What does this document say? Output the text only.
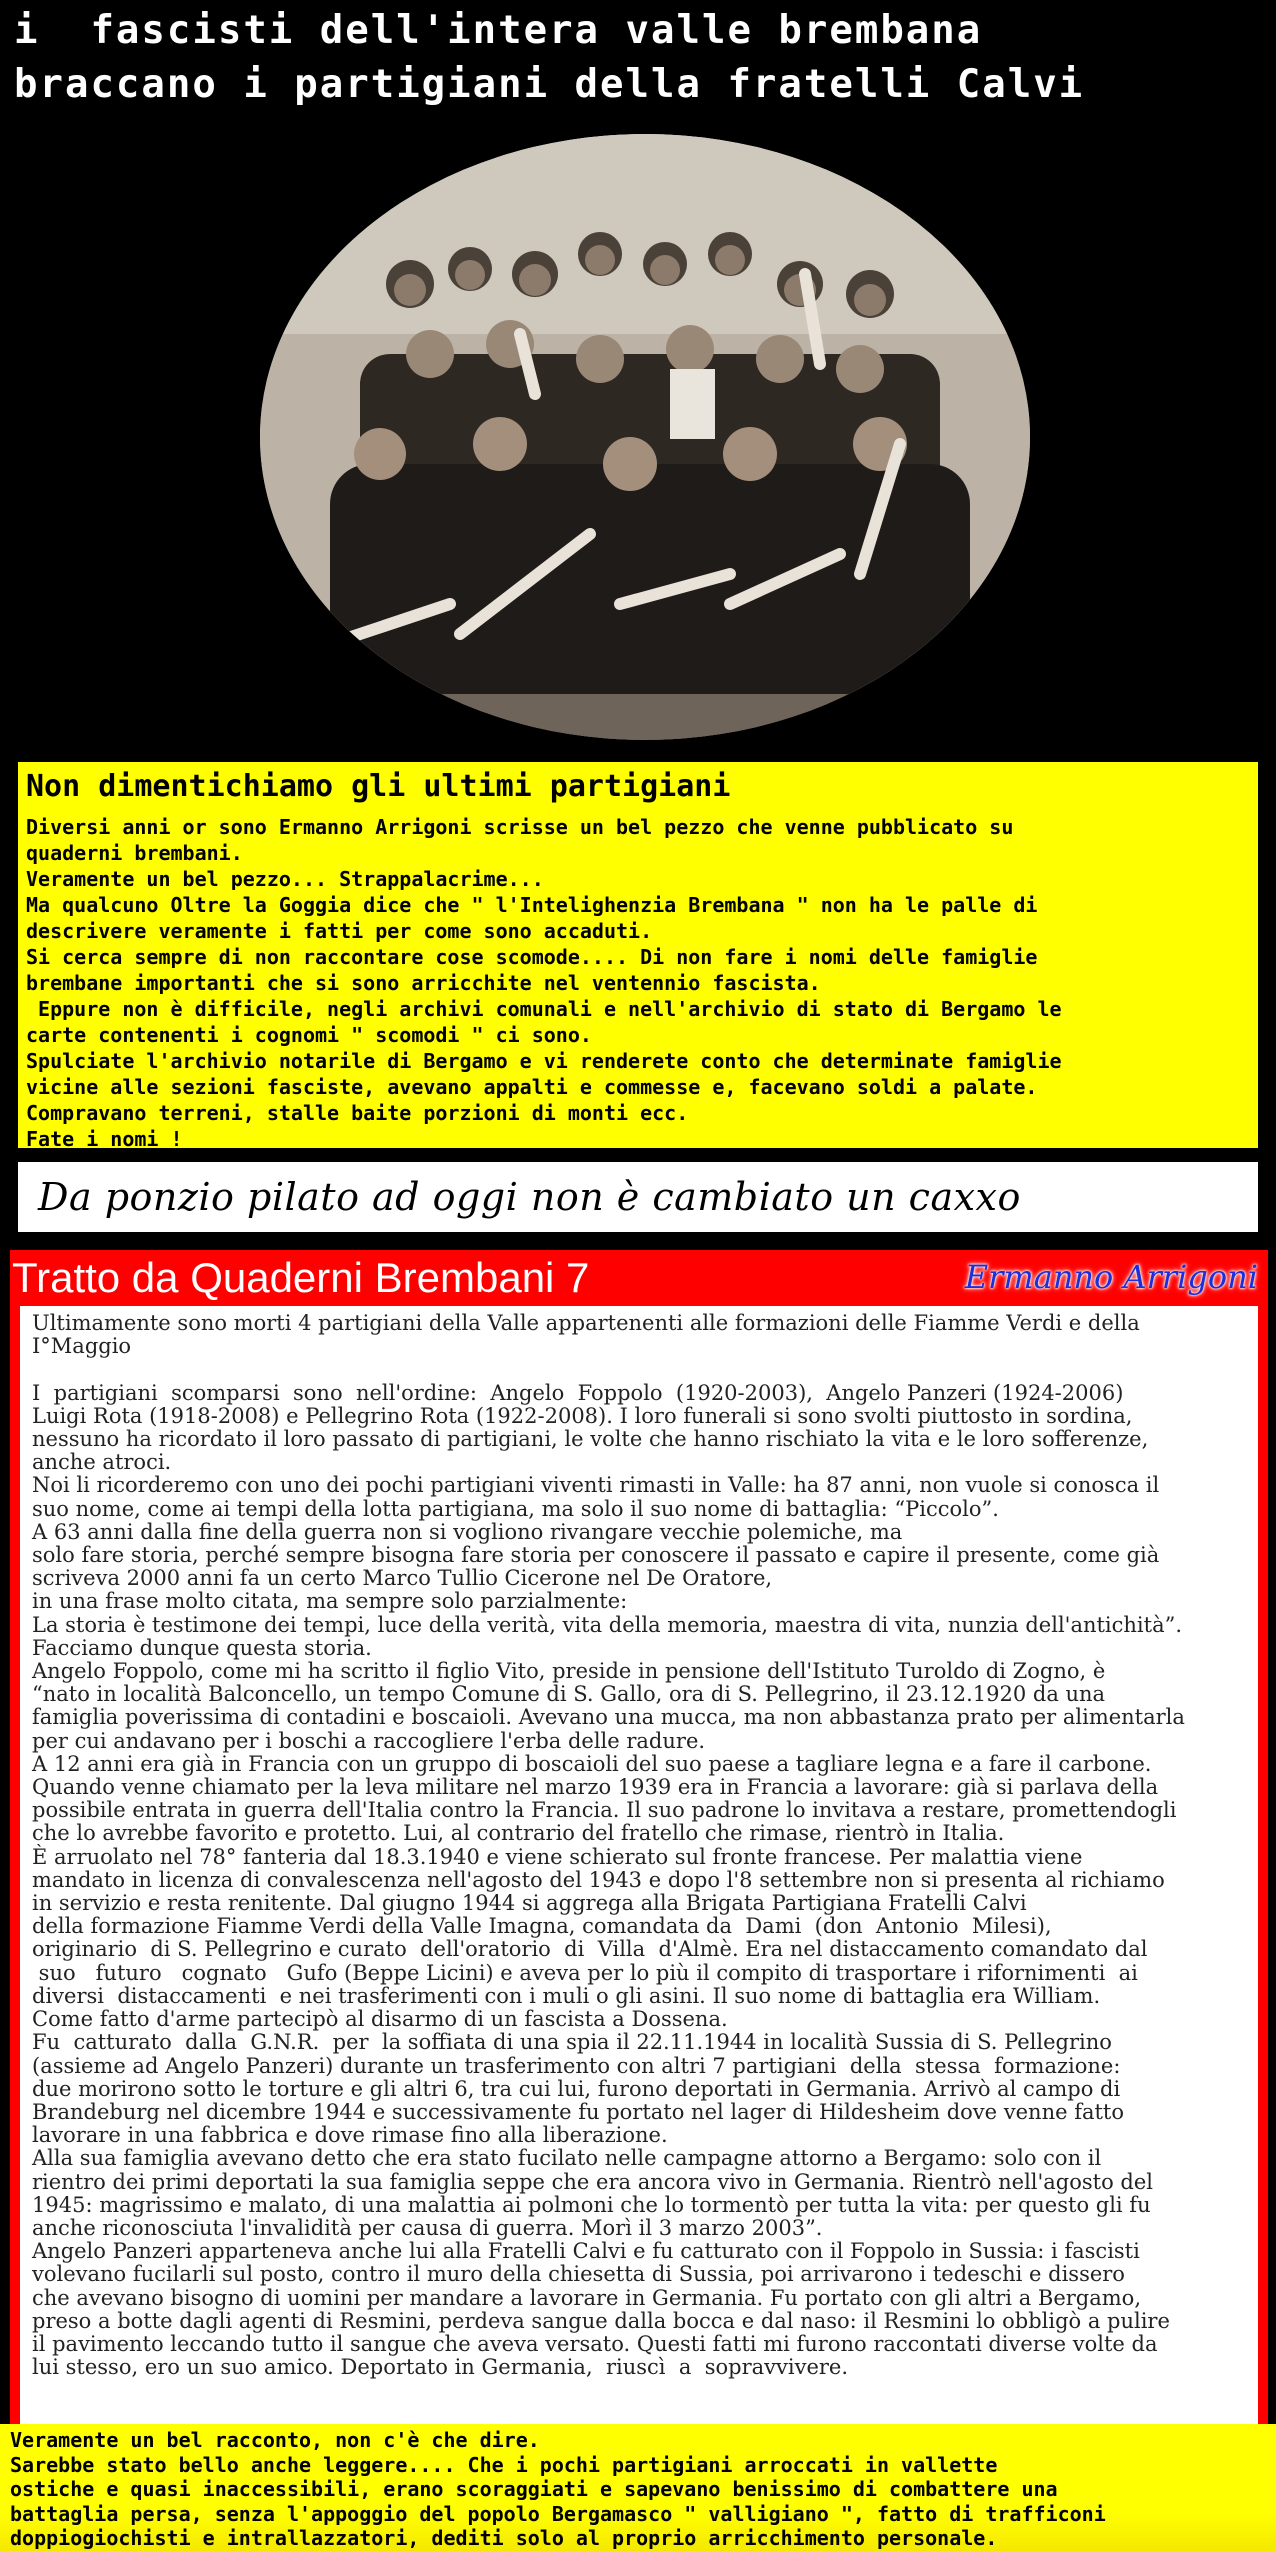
i  fascisti dell'intera valle brembana
braccano i partigiani della fratelli Calvi

Non dimentichiamo gli ultimi partigiani

Diversi anni or sono Ermanno Arrigoni scrisse un bel pezzo che venne pubblicato su
quaderni brembani.
Veramente un bel pezzo... Strappalacrime...
Ma qualcuno Oltre la Goggia dice che " l'Intelighenzia Brembana " non ha le palle di
descrivere veramente i fatti per come sono accaduti.
Si cerca sempre di non raccontare cose scomode.... Di non fare i nomi delle famiglie
brembane importanti che si sono arricchite nel ventennio fascista.
Eppure non è difficile, negli archivi comunali e nell'archivio di stato di Bergamo le
carte contenenti i cognomi " scomodi " ci sono.
Spulciate l'archivio notarile di Bergamo e vi renderete conto che determinate famiglie
vicine alle sezioni fasciste, avevano appalti e commesse e, facevano soldi a palate.
Compravano terreni, stalle baite porzioni di monti ecc.
Fate i nomi !

Da ponzio pilato ad oggi non è cambiato un caxxo

Tratto da Quaderni Brembani 7	Ermanno Arrigoni

Ultimamente sono morti 4 partigiani della Valle appartenenti alle formazioni delle Fiamme Verdi e della
I°Maggio

I  partigiani  scomparsi  sono  nell'ordine:  Angelo  Foppolo  (1920-2003),  Angelo Panzeri (1924-2006)
Luigi Rota (1918-2008) e Pellegrino Rota (1922-2008). I loro funerali si sono svolti piuttosto in sordina,
nessuno ha ricordato il loro passato di partigiani, le volte che hanno rischiato la vita e le loro sofferenze,
anche atroci.
Noi li ricorderemo con uno dei pochi partigiani viventi rimasti in Valle: ha 87 anni, non vuole si conosca il
suo nome, come ai tempi della lotta partigiana, ma solo il suo nome di battaglia: “Piccolo”.
A 63 anni dalla fine della guerra non si vogliono rivangare vecchie polemiche, ma
solo fare storia, perché sempre bisogna fare storia per conoscere il passato e capire il presente, come già
scriveva 2000 anni fa un certo Marco Tullio Cicerone nel De Oratore,
in una frase molto citata, ma sempre solo parzialmente:
La storia è testimone dei tempi, luce della verità, vita della memoria, maestra di vita, nunzia dell'antichità”.
Facciamo dunque questa storia.
Angelo Foppolo, come mi ha scritto il figlio Vito, preside in pensione dell'Istituto Turoldo di Zogno, è
“nato in località Balconcello, un tempo Comune di S. Gallo, ora di S. Pellegrino, il 23.12.1920 da una
famiglia poverissima di contadini e boscaioli. Avevano una mucca, ma non abbastanza prato per alimentarla
per cui andavano per i boschi a raccogliere l'erba delle radure.
A 12 anni era già in Francia con un gruppo di boscaioli del suo paese a tagliare legna e a fare il carbone.
Quando venne chiamato per la leva militare nel marzo 1939 era in Francia a lavorare: già si parlava della
possibile entrata in guerra dell'Italia contro la Francia. Il suo padrone lo invitava a restare, promettendogli
che lo avrebbe favorito e protetto. Lui, al contrario del fratello che rimase, rientrò in Italia.
È arruolato nel 78° fanteria dal 18.3.1940 e viene schierato sul fronte francese. Per malattia viene
mandato in licenza di convalescenza nell'agosto del 1943 e dopo l'8 settembre non si presenta al richiamo
in servizio e resta renitente. Dal giugno 1944 si aggrega alla Brigata Partigiana Fratelli Calvi
della formazione Fiamme Verdi della Valle Imagna, comandata da  Dami  (don  Antonio  Milesi),
originario  di S. Pellegrino e curato  dell'oratorio  di  Villa  d'Almè. Era nel distaccamento comandato dal
suo   futuro   cognato   Gufo (Beppe Licini) e aveva per lo più il compito di trasportare i rifornimenti  ai
diversi  distaccamenti  e nei trasferimenti con i muli o gli asini. Il suo nome di battaglia era William.
Come fatto d'arme partecipò al disarmo di un fascista a Dossena.
Fu  catturato  dalla  G.N.R.  per  la soffiata di una spia il 22.11.1944 in località Sussia di S. Pellegrino
(assieme ad Angelo Panzeri) durante un trasferimento con altri 7 partigiani  della  stessa  formazione:
due morirono sotto le torture e gli altri 6, tra cui lui, furono deportati in Germania. Arrivò al campo di
Brandeburg nel dicembre 1944 e successivamente fu portato nel lager di Hildesheim dove venne fatto
lavorare in una fabbrica e dove rimase fino alla liberazione.
Alla sua famiglia avevano detto che era stato fucilato nelle campagne attorno a Bergamo: solo con il
rientro dei primi deportati la sua famiglia seppe che era ancora vivo in Germania. Rientrò nell'agosto del
1945: magrissimo e malato, di una malattia ai polmoni che lo tormentò per tutta la vita: per questo gli fu
anche riconosciuta l'invalidità per causa di guerra. Morì il 3 marzo 2003”.
Angelo Panzeri apparteneva anche lui alla Fratelli Calvi e fu catturato con il Foppolo in Sussia: i fascisti
volevano fucilarli sul posto, contro il muro della chiesetta di Sussia, poi arrivarono i tedeschi e dissero
che avevano bisogno di uomini per mandare a lavorare in Germania. Fu portato con gli altri a Bergamo,
preso a botte dagli agenti di Resmini, perdeva sangue dalla bocca e dal naso: il Resmini lo obbligò a pulire
il pavimento leccando tutto il sangue che aveva versato. Questi fatti mi furono raccontati diverse volte da
lui stesso, ero un suo amico. Deportato in Germania,  riuscì  a  sopravvivere.

Veramente un bel racconto, non c'è che dire.
Sarebbe stato bello anche leggere.... Che i pochi partigiani arroccati in vallette
ostiche e quasi inaccessibili, erano scoraggiati e sapevano benissimo di combattere una
battaglia persa, senza l'appoggio del popolo Bergamasco " valligiano ", fatto di trafficoni
doppiogiochisti e intrallazzatori, dediti solo al proprio arricchimento personale.
